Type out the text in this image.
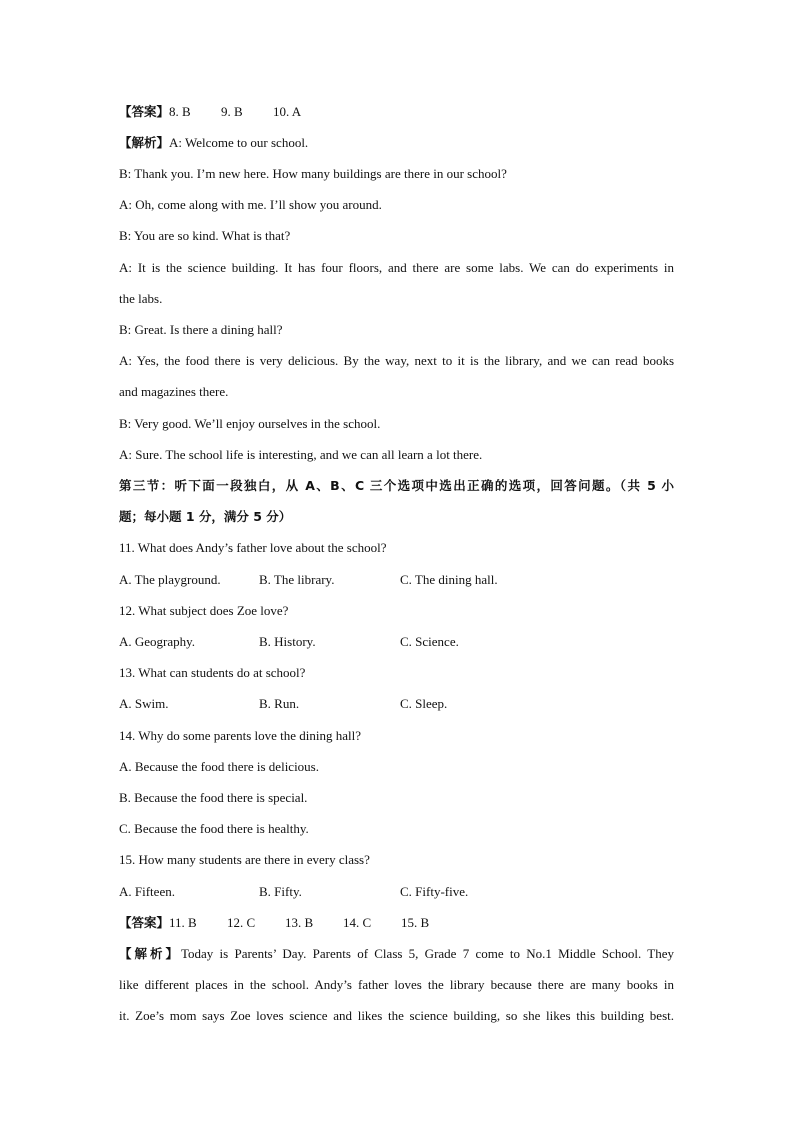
【答案】8. B 9. B 10. A
【解析】A: Welcome to our school.
B: Thank you. I’m new here. How many buildings are there in our school?
A: Oh, come along with me. I’ll show you around.
B: You are so kind. What is that?
A: It is the science building. It has four floors, and there are some labs. We can do experiments in
the labs.
B: Great. Is there a dining hall?
A: Yes, the food there is very delicious. By the way, next to it is the library, and we can read books
and magazines there.
B: Very good. We’ll enjoy ourselves in the school.
A: Sure. The school life is interesting, and we can all learn a lot there.
第三节：听下面一段独白，从 A、B、C 三个选项中选出正确的选项，回答问题。（共 5 小
题；每小题 1 分，满分 5 分）
11. What does Andy’s father love about the school?
A. The playground.	B. The library.	C. The dining hall.
12. What subject does Zoe love?
A. Geography.	B. History.	C. Science.
13. What can students do at school?
A. Swim.	B. Run.	C. Sleep.
14. Why do some parents love the dining hall?
A. Because the food there is delicious.
B. Because the food there is special.
C. Because the food there is healthy.
15. How many students are there in every class?
A. Fifteen.	B. Fifty.	C. Fifty-five.
【答案】11. B 12. C 13. B 14. C 15. B
【解析】Today is Parents’ Day. Parents of Class 5, Grade 7 come to No.1 Middle School. They
like different places in the school. Andy’s father loves the library because there are many books in
it. Zoe’s mom says Zoe loves science and likes the science building, so she likes this building best.
